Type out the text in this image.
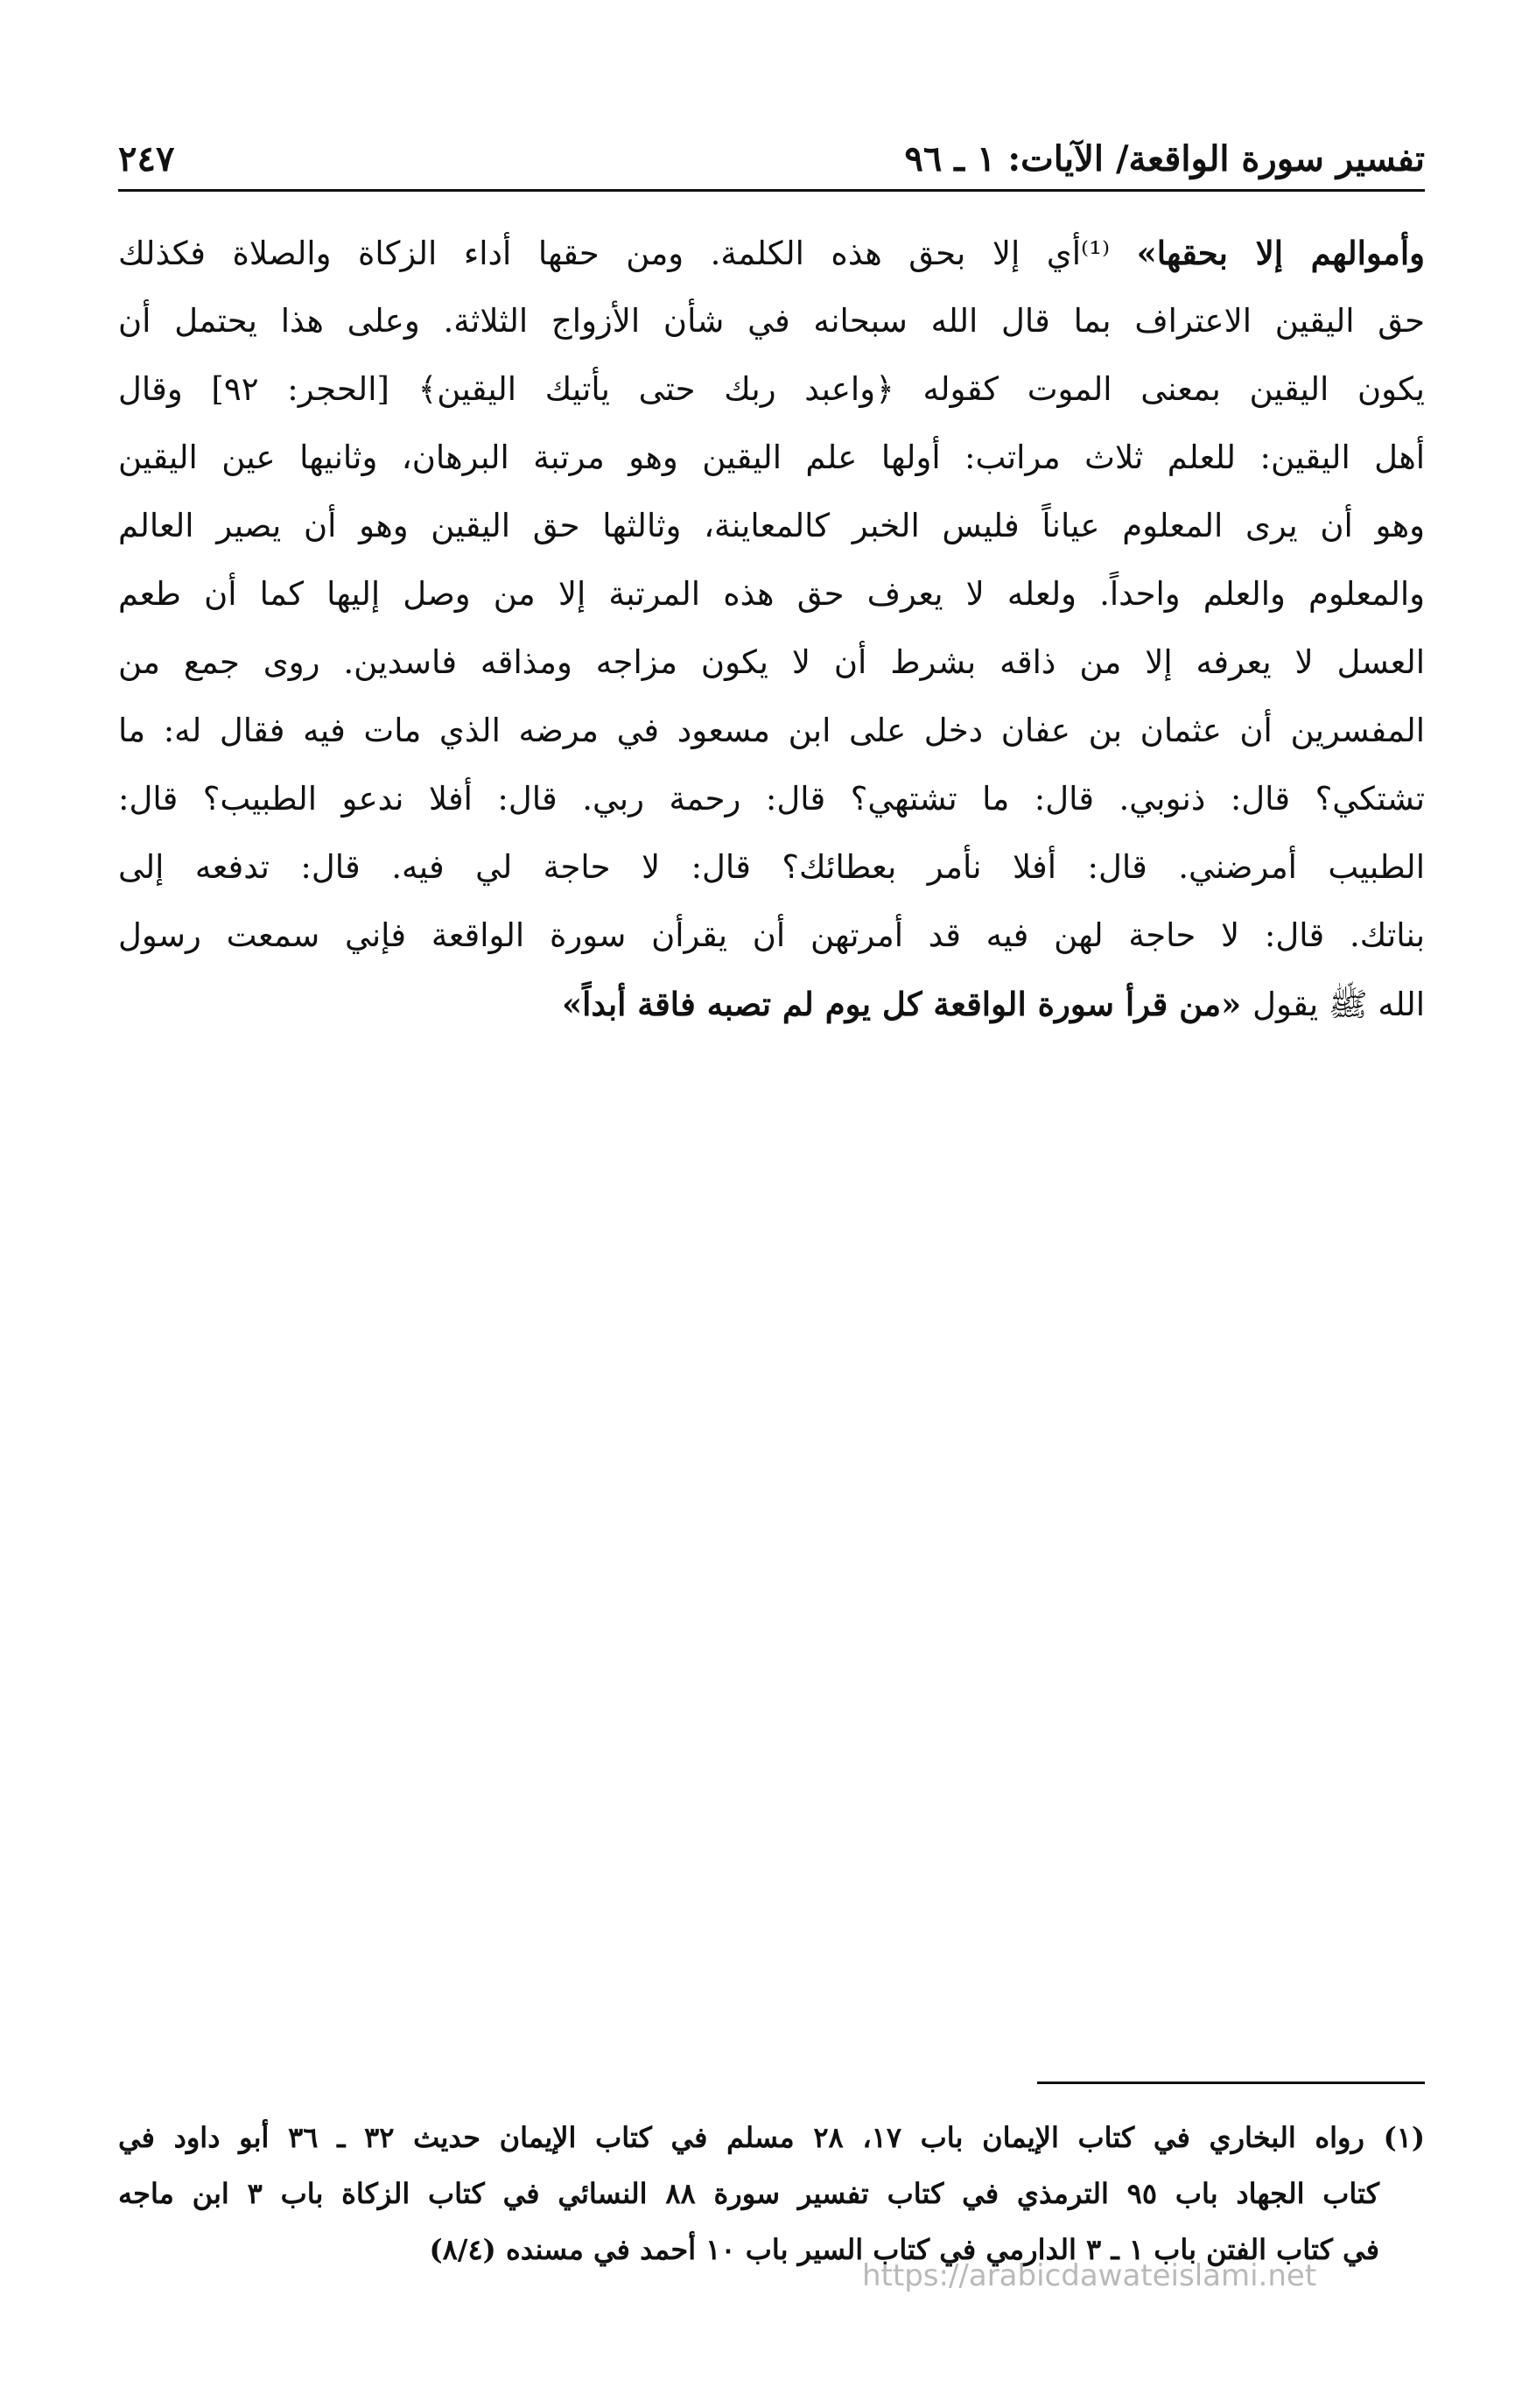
تفسير سورة الواقعة/ الآيات: ١ ـ ٩٦
٢٤٧
وأموالهم إلا بحقها» ⁽¹⁾أي إلا بحق هذه الكلمة. ومن حقها أداء الزكاة والصلاة فكذلك
حق اليقين الاعتراف بما قال الله سبحانه في شأن الأزواج الثلاثة. وعلى هذا يحتمل أن
يكون اليقين بمعنى الموت كقوله ﴿واعبد ربك حتى يأتيك اليقين﴾ [الحجر: ٩٢] وقال
أهل اليقين: للعلم ثلاث مراتب: أولها علم اليقين وهو مرتبة البرهان، وثانيها عين اليقين
وهو أن يرى المعلوم عياناً فليس الخبر كالمعاينة، وثالثها حق اليقين وهو أن يصير العالم
والمعلوم والعلم واحداً. ولعله لا يعرف حق هذه المرتبة إلا من وصل إليها كما أن طعم
العسل لا يعرفه إلا من ذاقه بشرط أن لا يكون مزاجه ومذاقه فاسدين. روى جمع من
المفسرين أن عثمان بن عفان دخل على ابن مسعود في مرضه الذي مات فيه فقال له: ما
تشتكي؟ قال: ذنوبي. قال: ما تشتهي؟ قال: رحمة ربي. قال: أفلا ندعو الطبيب؟ قال:
الطبيب أمرضني. قال: أفلا نأمر بعطائك؟ قال: لا حاجة لي فيه. قال: تدفعه إلى
بناتك. قال: لا حاجة لهن فيه قد أمرتهن أن يقرأن سورة الواقعة فإني سمعت رسول
الله ﷺ يقول «من قرأ سورة الواقعة كل يوم لم تصبه فاقة أبداً»
(١) رواه البخاري في كتاب الإيمان باب ١٧، ٢٨ مسلم في كتاب الإيمان حديث ٣٢ ـ ٣٦ أبو داود في
كتاب الجهاد باب ٩٥ الترمذي في كتاب تفسير سورة ٨٨ النسائي في كتاب الزكاة باب ٣ ابن ماجه
في كتاب الفتن باب ١ ـ ٣ الدارمي في كتاب السير باب ١٠ أحمد في مسنده (٨/٤)
https://arabicdawateislami.net
